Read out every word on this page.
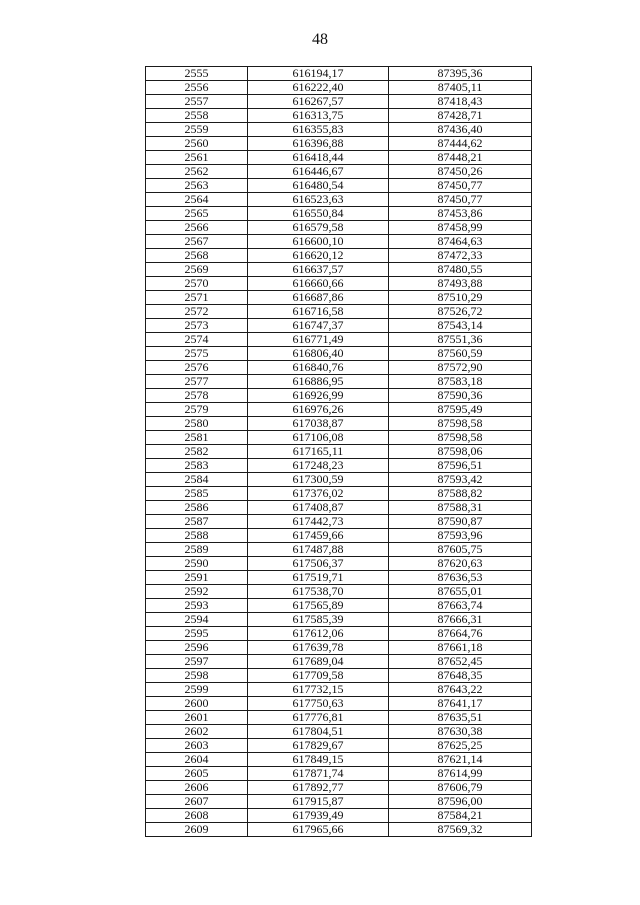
48
2555	616194,17	87395,36
2556	616222,40	87405,11
2557	616267,57	87418,43
2558	616313,75	87428,71
2559	616355,83	87436,40
2560	616396,88	87444,62
2561	616418,44	87448,21
2562	616446,67	87450,26
2563	616480,54	87450,77
2564	616523,63	87450,77
2565	616550,84	87453,86
2566	616579,58	87458,99
2567	616600,10	87464,63
2568	616620,12	87472,33
2569	616637,57	87480,55
2570	616660,66	87493,88
2571	616687,86	87510,29
2572	616716,58	87526,72
2573	616747,37	87543,14
2574	616771,49	87551,36
2575	616806,40	87560,59
2576	616840,76	87572,90
2577	616886,95	87583,18
2578	616926,99	87590,36
2579	616976,26	87595,49
2580	617038,87	87598,58
2581	617106,08	87598,58
2582	617165,11	87598,06
2583	617248,23	87596,51
2584	617300,59	87593,42
2585	617376,02	87588,82
2586	617408,87	87588,31
2587	617442,73	87590,87
2588	617459,66	87593,96
2589	617487,88	87605,75
2590	617506,37	87620,63
2591	617519,71	87636,53
2592	617538,70	87655,01
2593	617565,89	87663,74
2594	617585,39	87666,31
2595	617612,06	87664,76
2596	617639,78	87661,18
2597	617689,04	87652,45
2598	617709,58	87648,35
2599	617732,15	87643,22
2600	617750,63	87641,17
2601	617776,81	87635,51
2602	617804,51	87630,38
2603	617829,67	87625,25
2604	617849,15	87621,14
2605	617871,74	87614,99
2606	617892,77	87606,79
2607	617915,87	87596,00
2608	617939,49	87584,21
2609	617965,66	87569,32
